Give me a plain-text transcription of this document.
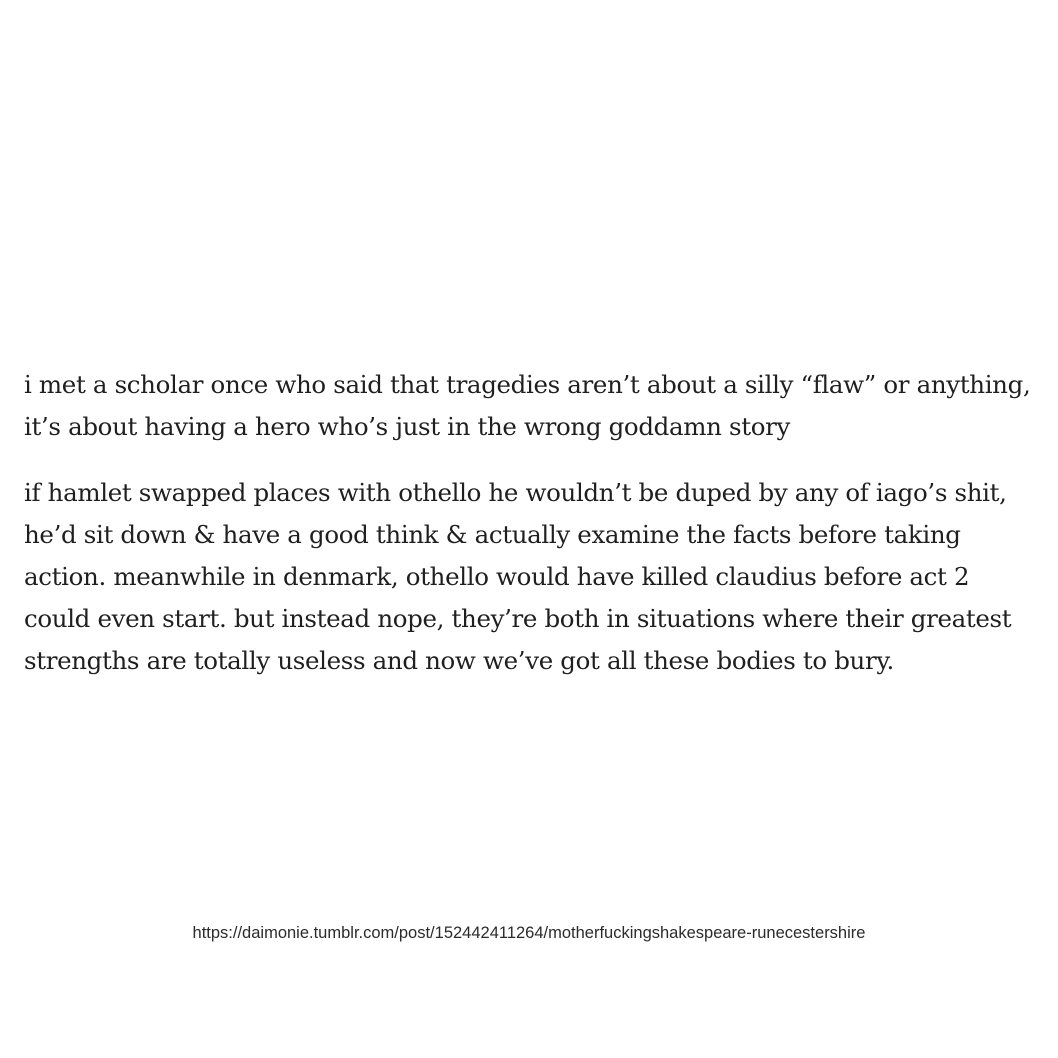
i met a scholar once who said that tragedies aren’t about a silly “flaw” or anything, it’s about having a hero who’s just in the wrong goddamn story

if hamlet swapped places with othello he wouldn’t be duped by any of iago’s shit, he’d sit down & have a good think & actually examine the facts before taking action. meanwhile in denmark, othello would have killed claudius before act 2 could even start. but instead nope, they’re both in situations where their greatest strengths are totally useless and now we’ve got all these bodies to bury.

https://daimonie.tumblr.com/post/152442411264/motherfuckingshakespeare-runecestershire
